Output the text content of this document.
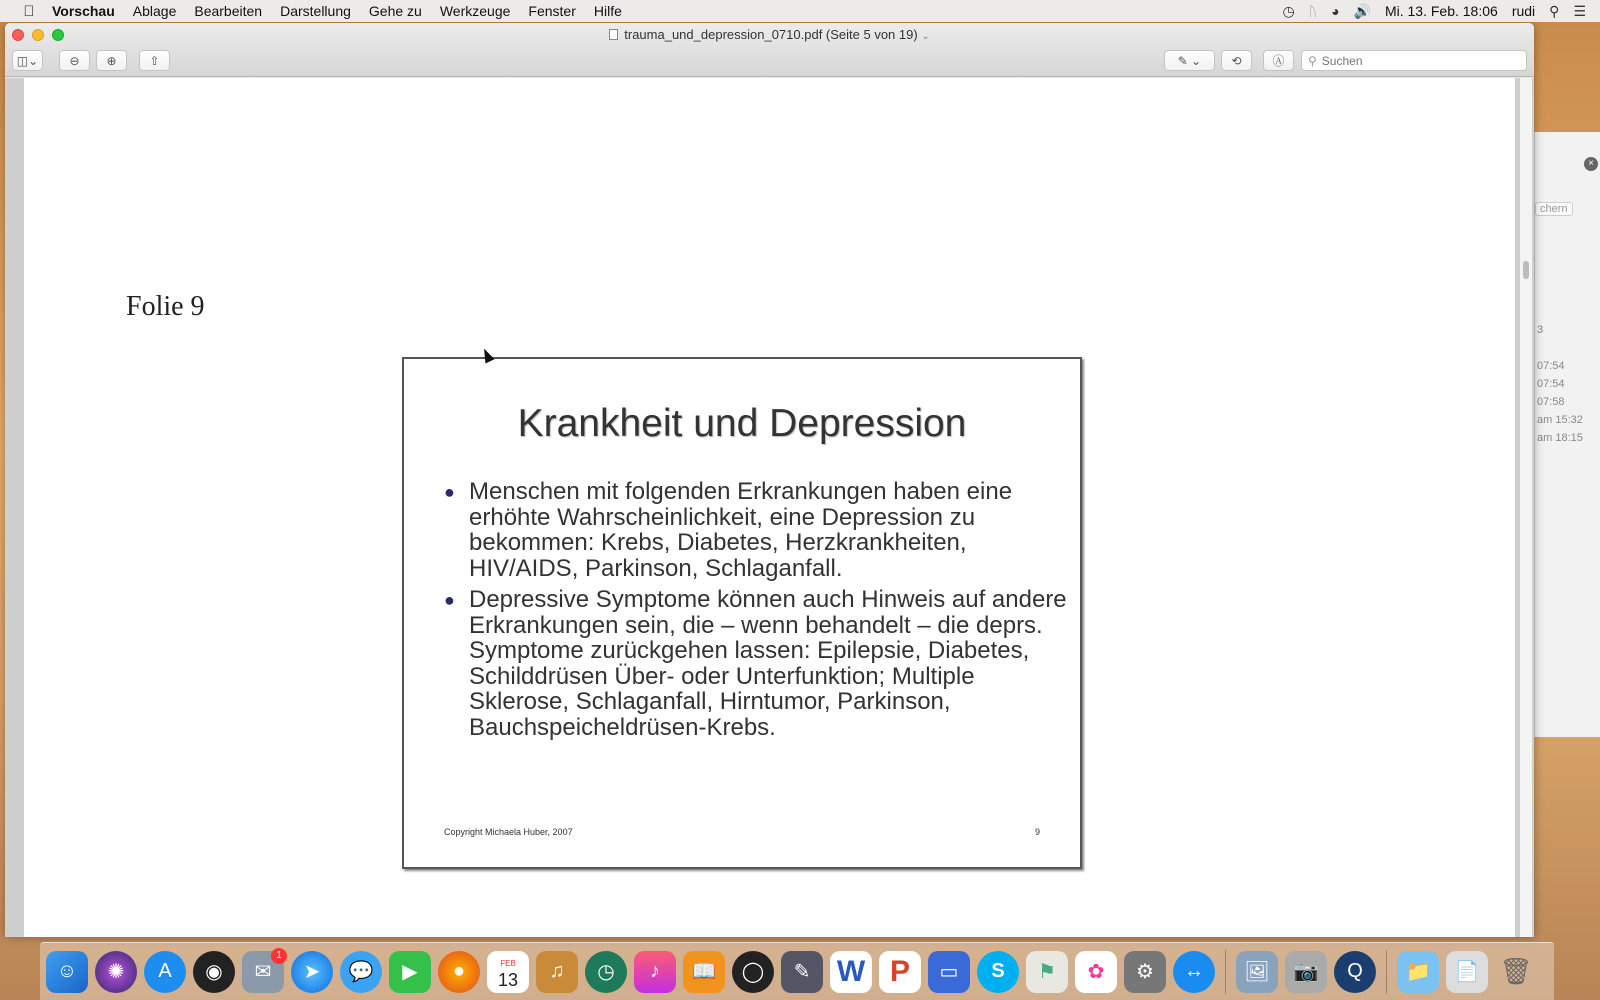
Vorschau	Ablage	Bearbeiten	Darstellung	Gehe zu	Werkzeuge	Fenster	Hilfe	◷ ᚢ ◕ 🔊 Mi. 13. Feb. 18:06 rudi ⚲ ☰
×
chern
3
07:54
07:54
07:58
am 15:32
am 18:15
trauma_und_depression_0710.pdf (Seite 5 von 19) ⌄
◫⌄	⊖ ⊕	⇧	✎
⌄	⟲	Ⓐ ⚲
Suchen
Folie 9
Krankheit und Depression
● Menschen mit folgenden Erkrankungen haben eine erhöhte Wahrscheinlichkeit, eine Depression zu bekommen: Krebs, Diabetes, Herzkrankheiten, HIV/AIDS, Parkinson, Schlaganfall.
● Depressive Symptome können auch Hinweis auf andere Erkrankungen sein, die – wenn behandelt – die deprs. Symptome zurückgehen lassen: Epilepsie, Diabetes, Schilddrüsen Über- oder Unterfunktion; Multiple Sklerose, Schlaganfall, Hirntumor, Parkinson, Bauchspeicheldrüsen-Krebs.
Copyright Michaela Huber, 2007	9
☺	✺	A	◉	✉
1
➤	💬	▶	●	FEB
13	♫	◷	♪	📖	◯	✎ W P	▭	S	⚑	✿	⚙	↔	🖼	📷	Q	📁	📄 🗑
